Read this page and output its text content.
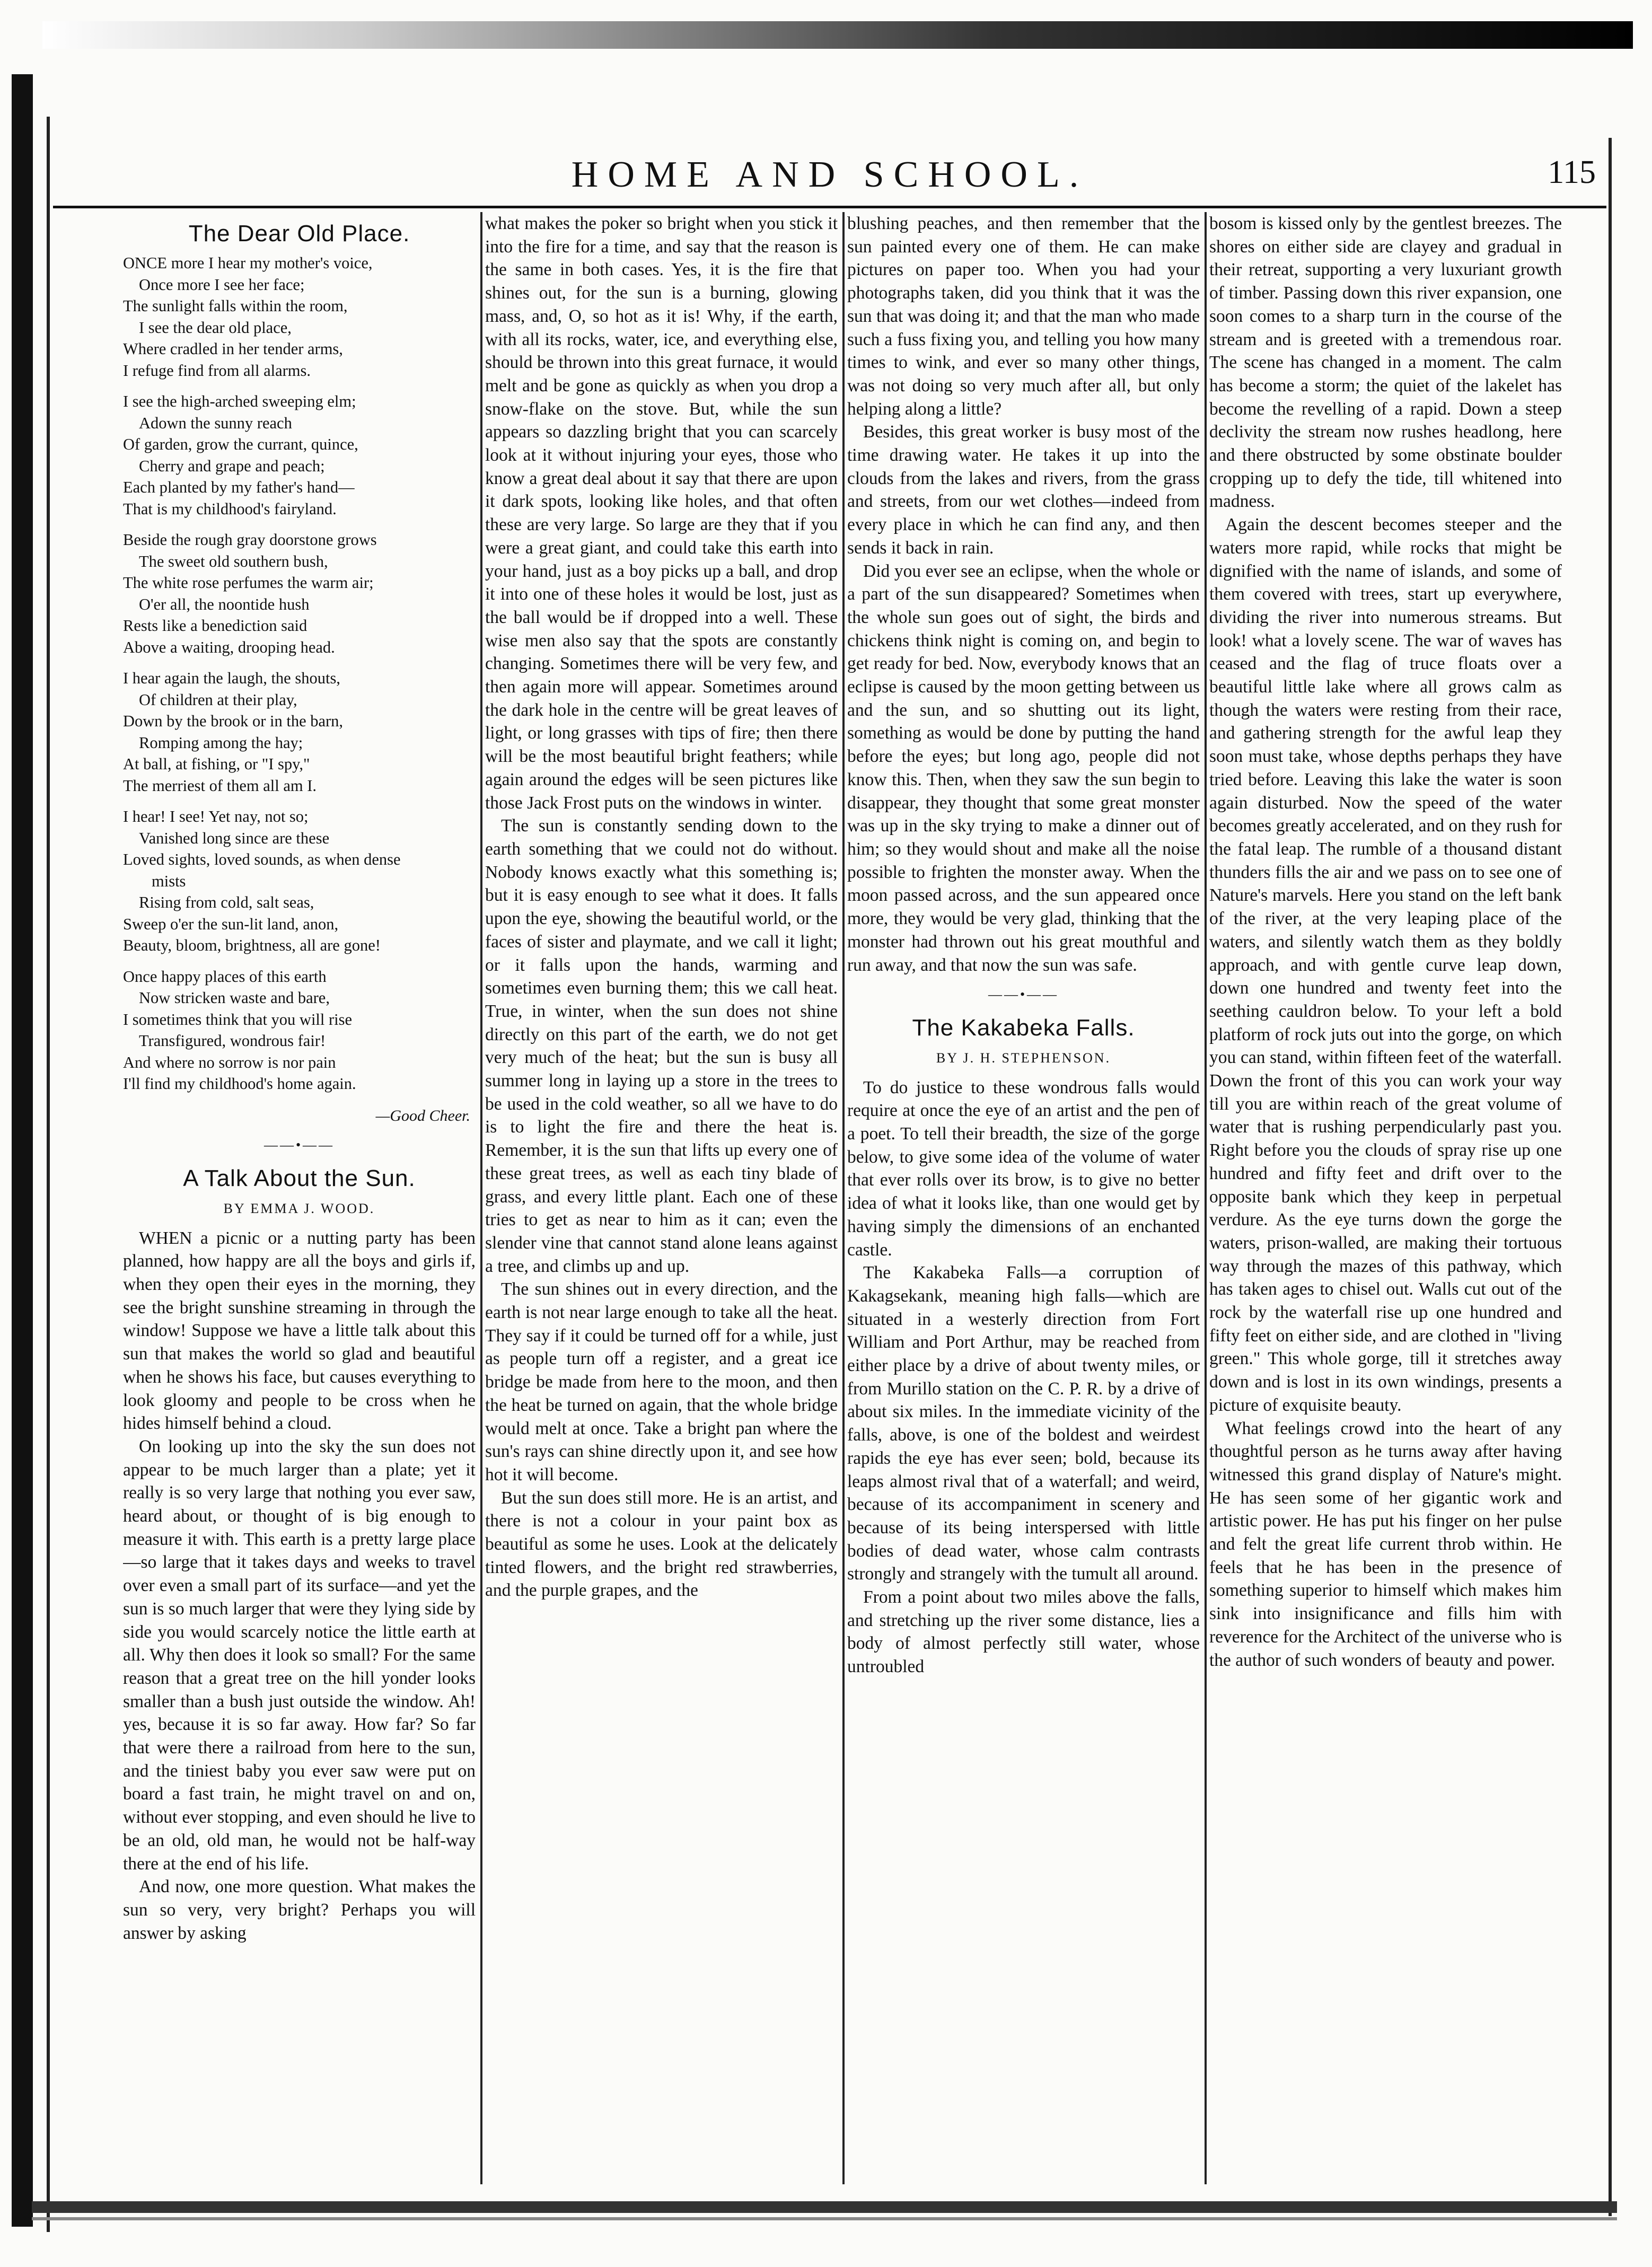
HOME AND SCHOOL.	115
The Dear Old Place.
ONCE more I hear my mother's voice,
Once more I see her face;
The sunlight falls within the room,
I see the dear old place,
Where cradled in her tender arms,
I refuge find from all alarms.
I see the high-arched sweeping elm;
Adown the sunny reach
Of garden, grow the currant, quince,
Cherry and grape and peach;
Each planted by my father's hand—
That is my childhood's fairyland.
Beside the rough gray doorstone grows
The sweet old southern bush,
The white rose perfumes the warm air;
O'er all, the noontide hush
Rests like a benediction said
Above a waiting, drooping head.
I hear again the laugh, the shouts,
Of children at their play,
Down by the brook or in the barn,
Romping among the hay;
At ball, at fishing, or "I spy,"
The merriest of them all am I.
I hear! I see! Yet nay, not so;
Vanished long since are these
Loved sights, loved sounds, as when dense
mists
Rising from cold, salt seas,
Sweep o'er the sun-lit land, anon,
Beauty, bloom, brightness, all are gone!
Once happy places of this earth
Now stricken waste and bare,
I sometimes think that you will rise
Transfigured, wondrous fair!
And where no sorrow is nor pain
I'll find my childhood's home again.
—Good Cheer.
——•——
A Talk About the Sun.
BY EMMA J. WOOD.

WHEN a picnic or a nutting party has been planned, how happy are all the boys and girls if, when they open their eyes in the morning, they see the bright sunshine streaming in through the window! Suppose we have a little talk about this sun that makes the world so glad and beautiful when he shows his face, but causes everything to look gloomy and people to be cross when he hides himself behind a cloud.

On looking up into the sky the sun does not appear to be much larger than a plate; yet it really is so very large that nothing you ever saw, heard about, or thought of is big enough to measure it with. This earth is a pretty large place—so large that it takes days and weeks to travel over even a small part of its surface—and yet the sun is so much larger that were they lying side by side you would scarcely notice the little earth at all. Why then does it look so small? For the same reason that a great tree on the hill yonder looks smaller than a bush just outside the window. Ah! yes, because it is so far away. How far? So far that were there a railroad from here to the sun, and the tiniest baby you ever saw were put on board a fast train, he might travel on and on, without ever stopping, and even should he live to be an old, old man, he would not be half-way there at the end of his life.

And now, one more question. What makes the sun so very, very bright? Perhaps you will answer by asking

what makes the poker so bright when you stick it into the fire for a time, and say that the reason is the same in both cases. Yes, it is the fire that shines out, for the sun is a burning, glowing mass, and, O, so hot as it is! Why, if the earth, with all its rocks, water, ice, and everything else, should be thrown into this great furnace, it would melt and be gone as quickly as when you drop a snow-flake on the stove. But, while the sun appears so dazzling bright that you can scarcely look at it without injuring your eyes, those who know a great deal about it say that there are upon it dark spots, looking like holes, and that often these are very large. So large are they that if you were a great giant, and could take this earth into your hand, just as a boy picks up a ball, and drop it into one of these holes it would be lost, just as the ball would be if dropped into a well. These wise men also say that the spots are constantly changing. Sometimes there will be very few, and then again more will appear. Sometimes around the dark hole in the centre will be great leaves of light, or long grasses with tips of fire; then there will be the most beautiful bright feathers; while again around the edges will be seen pictures like those Jack Frost puts on the windows in winter.

The sun is constantly sending down to the earth something that we could not do without. Nobody knows exactly what this something is; but it is easy enough to see what it does. It falls upon the eye, showing the beautiful world, or the faces of sister and playmate, and we call it light; or it falls upon the hands, warming and sometimes even burning them; this we call heat. True, in winter, when the sun does not shine directly on this part of the earth, we do not get very much of the heat; but the sun is busy all summer long in laying up a store in the trees to be used in the cold weather, so all we have to do is to light the fire and there the heat is. Remember, it is the sun that lifts up every one of these great trees, as well as each tiny blade of grass, and every little plant. Each one of these tries to get as near to him as it can; even the slender vine that cannot stand alone leans against a tree, and climbs up and up.

The sun shines out in every direction, and the earth is not near large enough to take all the heat. They say if it could be turned off for a while, just as people turn off a register, and a great ice bridge be made from here to the moon, and then the heat be turned on again, that the whole bridge would melt at once. Take a bright pan where the sun's rays can shine directly upon it, and see how hot it will become.

But the sun does still more. He is an artist, and there is not a colour in your paint box as beautiful as some he uses. Look at the delicately tinted flowers, and the bright red strawberries, and the purple grapes, and the

blushing peaches, and then remember that the sun painted every one of them. He can make pictures on paper too. When you had your photographs taken, did you think that it was the sun that was doing it; and that the man who made such a fuss fixing you, and telling you how many times to wink, and ever so many other things, was not doing so very much after all, but only helping along a little?

Besides, this great worker is busy most of the time drawing water. He takes it up into the clouds from the lakes and rivers, from the grass and streets, from our wet clothes—indeed from every place in which he can find any, and then sends it back in rain.

Did you ever see an eclipse, when the whole or a part of the sun disappeared? Sometimes when the whole sun goes out of sight, the birds and chickens think night is coming on, and begin to get ready for bed. Now, everybody knows that an eclipse is caused by the moon getting between us and the sun, and so shutting out its light, something as would be done by putting the hand before the eyes; but long ago, people did not know this. Then, when they saw the sun begin to disappear, they thought that some great monster was up in the sky trying to make a dinner out of him; so they would shout and make all the noise possible to frighten the monster away. When the moon passed across, and the sun appeared once more, they would be very glad, thinking that the monster had thrown out his great mouthful and run away, and that now the sun was safe.

——•——
The Kakabeka Falls.
BY J. H. STEPHENSON.

To do justice to these wondrous falls would require at once the eye of an artist and the pen of a poet. To tell their breadth, the size of the gorge below, to give some idea of the volume of water that ever rolls over its brow, is to give no better idea of what it looks like, than one would get by having simply the dimensions of an enchanted castle.

The Kakabeka Falls—a corruption of Kakagsekank, meaning high falls—which are situated in a westerly direction from Fort William and Port Arthur, may be reached from either place by a drive of about twenty miles, or from Murillo station on the C. P. R. by a drive of about six miles. In the immediate vicinity of the falls, above, is one of the boldest and weirdest rapids the eye has ever seen; bold, because its leaps almost rival that of a waterfall; and weird, because of its accompaniment in scenery and because of its being interspersed with little bodies of dead water, whose calm contrasts strongly and strangely with the tumult all around.

From a point about two miles above the falls, and stretching up the river some distance, lies a body of almost perfectly still water, whose untroubled

bosom is kissed only by the gentlest breezes. The shores on either side are clayey and gradual in their retreat, supporting a very luxuriant growth of timber. Passing down this river expansion, one soon comes to a sharp turn in the course of the stream and is greeted with a tremendous roar. The scene has changed in a moment. The calm has become a storm; the quiet of the lakelet has become the revelling of a rapid. Down a steep declivity the stream now rushes headlong, here and there obstructed by some obstinate boulder cropping up to defy the tide, till whitened into madness.

Again the descent becomes steeper and the waters more rapid, while rocks that might be dignified with the name of islands, and some of them covered with trees, start up everywhere, dividing the river into numerous streams. But look! what a lovely scene. The war of waves has ceased and the flag of truce floats over a beautiful little lake where all grows calm as though the waters were resting from their race, and gathering strength for the awful leap they soon must take, whose depths perhaps they have tried before. Leaving this lake the water is soon again disturbed. Now the speed of the water becomes greatly accelerated, and on they rush for the fatal leap. The rumble of a thousand distant thunders fills the air and we pass on to see one of Nature's marvels. Here you stand on the left bank of the river, at the very leaping place of the waters, and silently watch them as they boldly approach, and with gentle curve leap down, down one hundred and twenty feet into the seething cauldron below. To your left a bold platform of rock juts out into the gorge, on which you can stand, within fifteen feet of the waterfall. Down the front of this you can work your way till you are within reach of the great volume of water that is rushing perpendicularly past you. Right before you the clouds of spray rise up one hundred and fifty feet and drift over to the opposite bank which they keep in perpetual verdure. As the eye turns down the gorge the waters, prison-walled, are making their tortuous way through the mazes of this pathway, which has taken ages to chisel out. Walls cut out of the rock by the waterfall rise up one hundred and fifty feet on either side, and are clothed in "living green." This whole gorge, till it stretches away down and is lost in its own windings, presents a picture of exquisite beauty.

What feelings crowd into the heart of any thoughtful person as he turns away after having witnessed this grand display of Nature's might. He has seen some of her gigantic work and artistic power. He has put his finger on her pulse and felt the great life current throb within. He feels that he has been in the presence of something superior to himself which makes him sink into insignificance and fills him with reverence for the Architect of the universe who is the author of such wonders of beauty and power.
